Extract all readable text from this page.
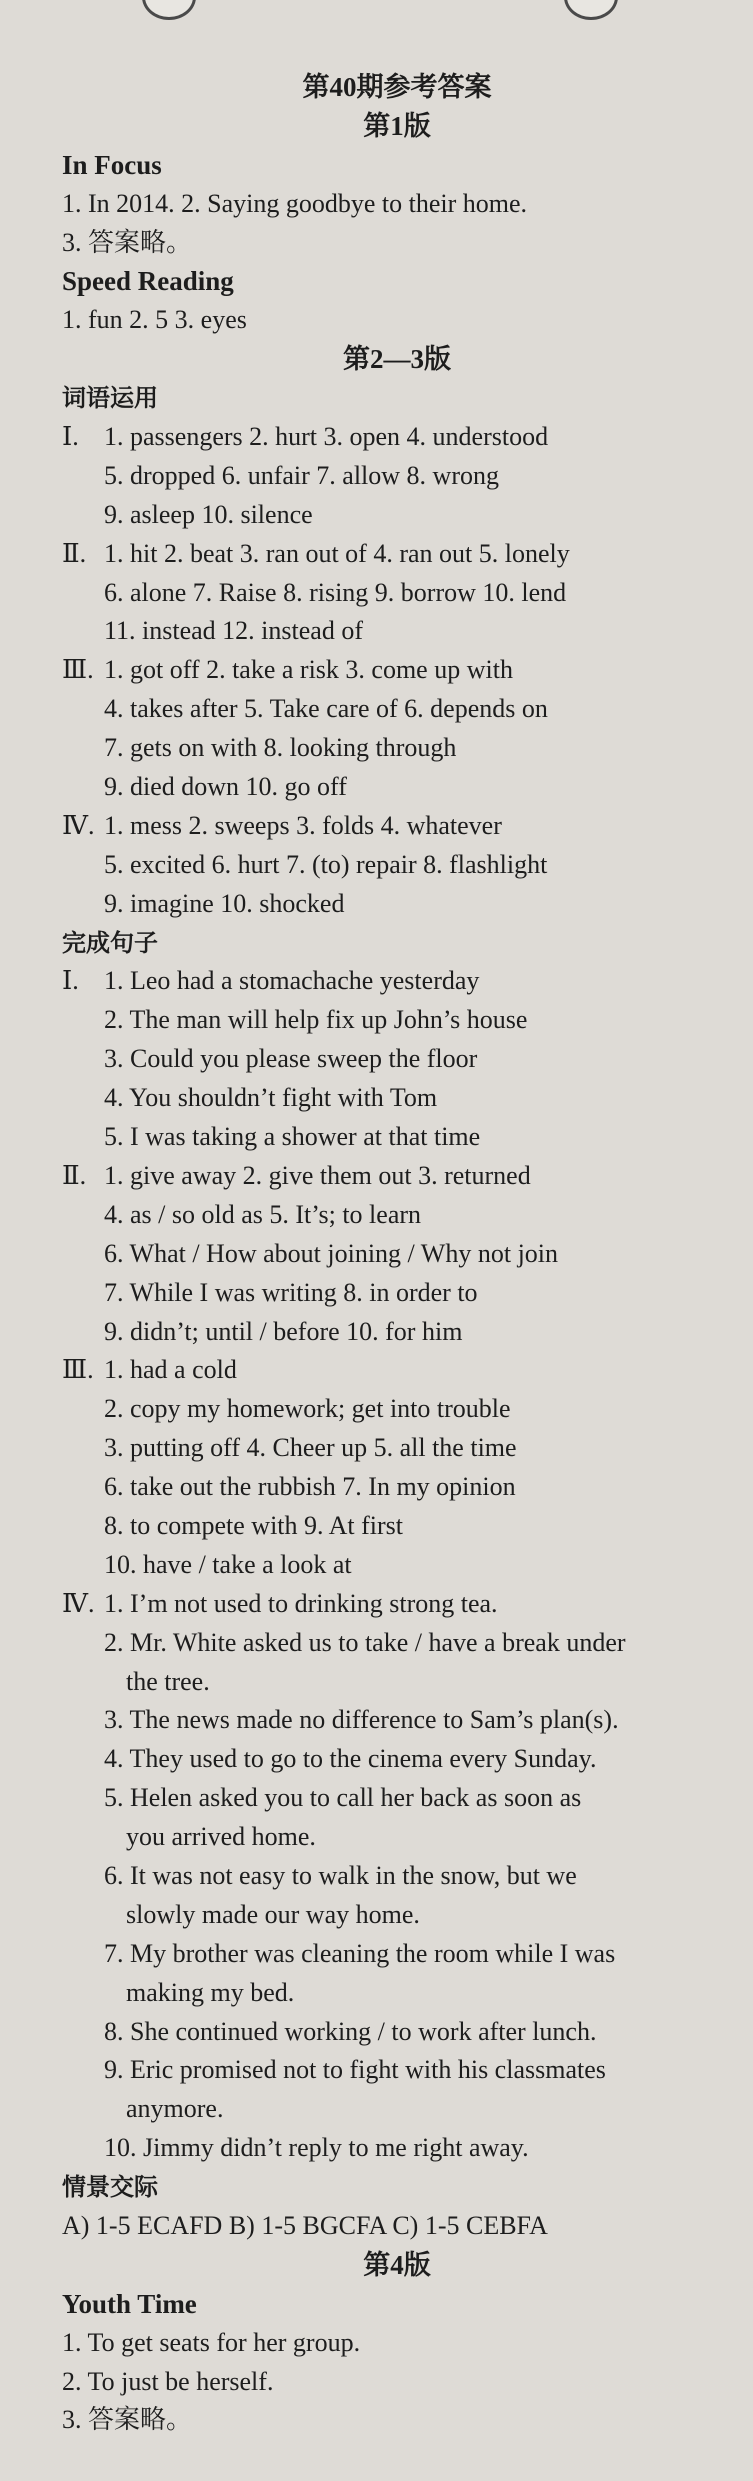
第40期参考答案
第1版
In Focus
1. In 2014. 2. Saying goodbye to their home.
3. 答案略。
Speed Reading
1. fun 2. 5 3. eyes
第2—3版
词语运用
Ⅰ. 1. passengers 2. hurt 3. open 4. understood
5. dropped 6. unfair 7. allow 8. wrong
9. asleep 10. silence
Ⅱ. 1. hit 2. beat 3. ran out of 4. ran out 5. lonely
6. alone 7. Raise 8. rising 9. borrow 10. lend
11. instead 12. instead of
Ⅲ. 1. got off 2. take a risk 3. come up with
4. takes after 5. Take care of 6. depends on
7. gets on with 8. looking through
9. died down 10. go off
Ⅳ. 1. mess 2. sweeps 3. folds 4. whatever
5. excited 6. hurt 7. (to) repair 8. flashlight
9. imagine 10. shocked
完成句子
Ⅰ. 1. Leo had a stomachache yesterday
2. The man will help fix up John’s house
3. Could you please sweep the floor
4. You shouldn’t fight with Tom
5. I was taking a shower at that time
Ⅱ. 1. give away 2. give them out 3. returned
4. as / so old as 5. It’s; to learn
6. What / How about joining / Why not join
7. While I was writing 8. in order to
9. didn’t; until / before 10. for him
Ⅲ. 1. had a cold
2. copy my homework; get into trouble
3. putting off 4. Cheer up 5. all the time
6. take out the rubbish 7. In my opinion
8. to compete with 9. At first
10. have / take a look at
Ⅳ. 1. I’m not used to drinking strong tea.
2. Mr. White asked us to take / have a break under
the tree.
3. The news made no difference to Sam’s plan(s).
4. They used to go to the cinema every Sunday.
5. Helen asked you to call her back as soon as
you arrived home.
6. It was not easy to walk in the snow, but we
slowly made our way home.
7. My brother was cleaning the room while I was
making my bed.
8. She continued working / to work after lunch.
9. Eric promised not to fight with his classmates
anymore.
10. Jimmy didn’t reply to me right away.
情景交际
A) 1-5 ECAFD B) 1-5 BGCFA C) 1-5 CEBFA
第4版
Youth Time
1. To get seats for her group.
2. To just be herself.
3. 答案略。
